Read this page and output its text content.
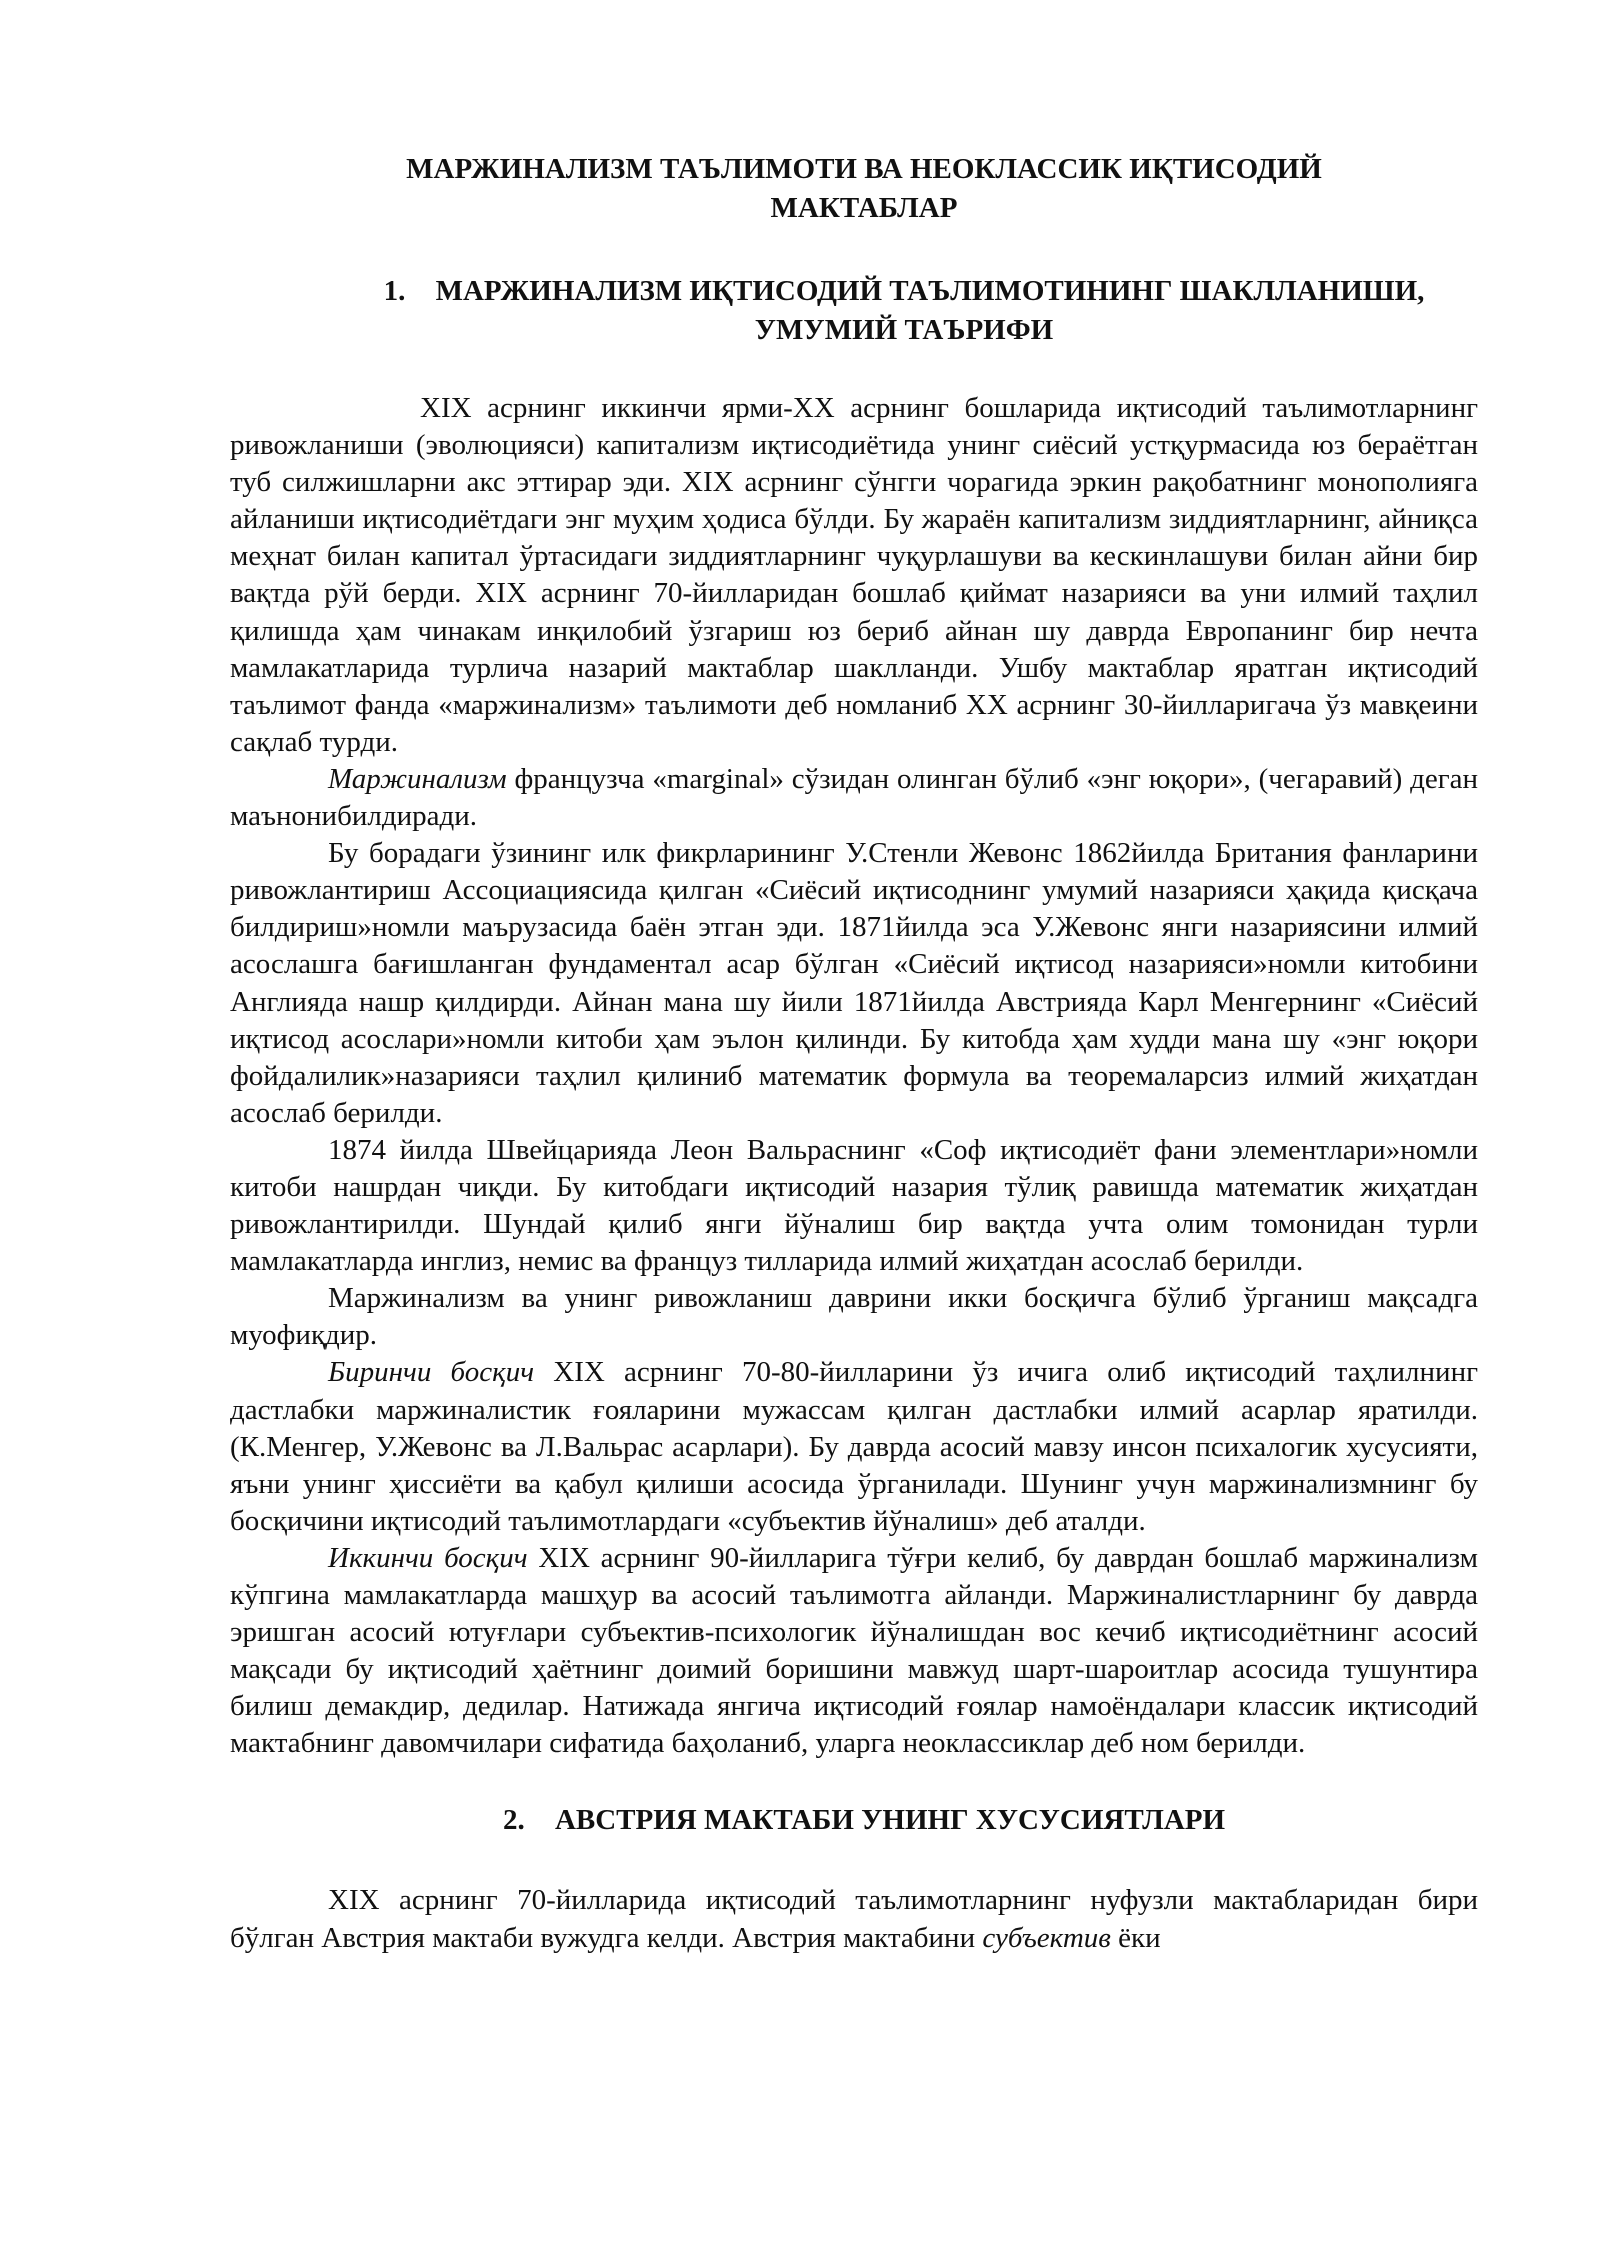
МАРЖИНАЛИЗМ ТАЪЛИМОТИ ВА НЕОКЛАССИК ИҚТИСОДИЙ
МАКТАБЛАР
1. МАРЖИНАЛИЗМ ИҚТИСОДИЙ ТАЪЛИМОТИНИНГ ШАКЛЛАНИШИ,
УМУМИЙ ТАЪРИФИ

XIX асрнинг иккинчи ярми-XX асрнинг бошларида иқтисодий таълимотларнинг ривожланиши (эволюцияси) капитализм иқтисодиётида унинг сиёсий устқурмасида юз бераётган туб силжишларни акс эттирар эди. XIX асрнинг сўнгги чорагида эркин рақобатнинг монополияга айланиши иқтисодиётдаги энг муҳим ҳодиса бўлди. Бу жараён капитализм зиддиятларнинг, айниқса меҳнат билан капитал ўртасидаги зиддиятларнинг чуқурлашуви ва кескинлашуви билан айни бир вақтда рўй берди. XIX асрнинг 70-йилларидан бошлаб қиймат назарияси ва уни илмий таҳлил қилишда ҳам чинакам инқилобий ўзгариш юз бериб айнан шу даврда Европанинг бир нечта мамлакатларида турлича назарий мактаблар шаклланди. Ушбу мактаблар яратган иқтисодий таълимот фанда «маржинализм» таълимоти деб номланиб XX асрнинг 30-йилларигача ўз мавқеини сақлаб турди.

Маржинализм французча «marginal» сўзидан олинган бўлиб «энг юқори», (чегаравий) деган маънонибилдиради.

Бу борадаги ўзининг илк фикрларининг У.Стенли Жевонс 1862йилда Британия фанларини ривожлантириш Ассоциациясида қилган «Сиёсий иқтисоднинг умумий назарияси ҳақида қисқача билдириш»номли маърузасида баён этган эди. 1871йилда эса У.Жевонс янги назариясини илмий асослашга бағишланган фундаментал асар бўлган «Сиёсий иқтисод назарияси»номли китобини Англияда нашр қилдирди. Айнан мана шу йили 1871йилда Австрияда Карл Менгернинг «Сиёсий иқтисод асослари»номли китоби ҳам эълон қилинди. Бу китобда ҳам худди мана шу «энг юқори фойдалилик»назарияси таҳлил қилиниб математик формула ва теоремаларсиз илмий жиҳатдан асослаб берилди.

1874 йилда Швейцарияда Леон Вальраснинг «Соф иқтисодиёт фани элементлари»номли китоби нашрдан чиқди. Бу китобдаги иқтисодий назария тўлиқ равишда математик жиҳатдан ривожлантирилди. Шундай қилиб янги йўналиш бир вақтда учта олим томонидан турли мамлакатларда инглиз, немис ва француз тилларида илмий жиҳатдан асослаб берилди.

Маржинализм ва унинг ривожланиш даврини икки босқичга бўлиб ўрганиш мақсадга муофиқдир.

Биринчи босқич XIX асрнинг 70-80-йилларини ўз ичига олиб иқтисодий таҳлилнинг дастлабки маржиналистик ғояларини мужассам қилган дастлабки илмий асарлар яратилди.(К.Менгер, У.Жевонс ва Л.Вальрас асарлари). Бу даврда асосий мавзу инсон психалогик хусусияти, яъни унинг ҳиссиёти ва қабул қилиши асосида ўрганилади. Шунинг учун маржинализмнинг бу босқичини иқтисодий таълимотлардаги «субъектив йўналиш» деб аталди.

Иккинчи босқич XIX асрнинг 90-йилларига тўғри келиб, бу даврдан бошлаб маржинализм кўпгина мамлакатларда машҳур ва асосий таълимотга айланди. Маржиналистларнинг бу даврда эришган асосий ютуғлари субъектив-психологик йўналишдан вос кечиб иқтисодиётнинг асосий мақсади бу иқтисодий ҳаётнинг доимий боришини мавжуд шарт-шароитлар асосида тушунтира билиш демакдир, дедилар. Натижада янгича иқтисодий ғоялар намоёндалари классик иқтисодий мактабнинг давомчилари сифатида баҳоланиб, уларга неоклассиклар деб ном берилди.

2. АВСТРИЯ МАКТАБИ УНИНГ ХУСУСИЯТЛАРИ

XIX асрнинг 70-йилларида иқтисодий таълимотларнинг нуфузли мактабларидан бири бўлган Австрия мактаби вужудга келди. Австрия мактабини субъектив ёки
